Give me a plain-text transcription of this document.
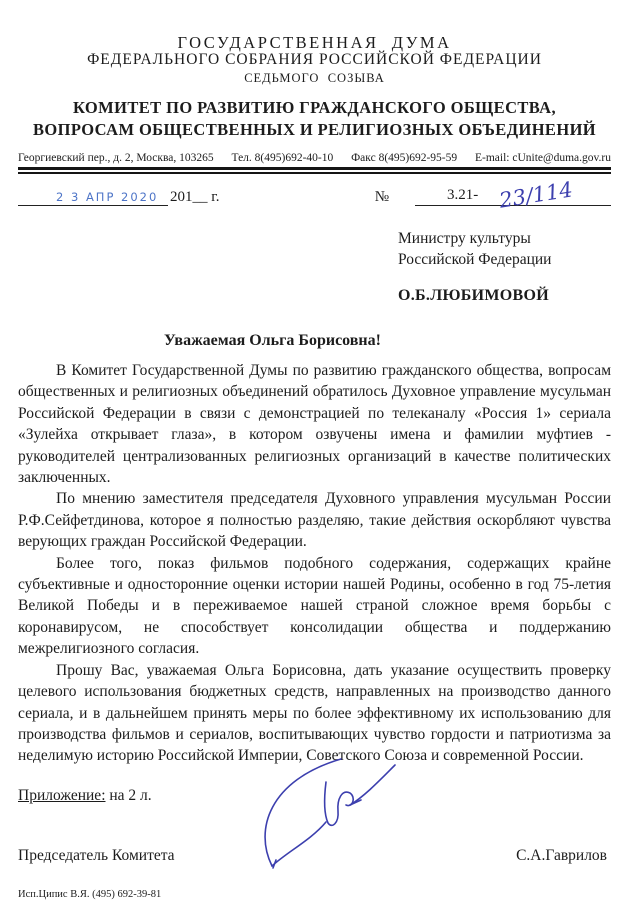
ГОСУДАРСТВЕННАЯ  ДУМА
ФЕДЕРАЛЬНОГО СОБРАНИЯ РОССИЙСКОЙ ФЕДЕРАЦИИ
СЕДЬМОГО  СОЗЫВА
КОМИТЕТ ПО РАЗВИТИЮ ГРАЖДАНСКОГО ОБЩЕСТВА,
ВОПРОСАМ ОБЩЕСТВЕННЫХ И РЕЛИГИОЗНЫХ ОБЪЕДИНЕНИЙ
Георгиевский пер., д. 2, Москва, 103265 Тел. 8(495)692-40-10 Факс 8(495)692-95-59 E-mail: cUnite@duma.gov.ru
2 3 АПР 2020 201__ г.	№	3.21- 23/114
Министру культуры
Российской Федерации
О.Б.ЛЮБИМОВОЙ
Уважаемая Ольга Борисовна!

В Комитет Государственной Думы по развитию гражданского общества, вопросам общественных и религиозных объединений обратилось Духовное управление мусульман Российской Федерации в связи с демонстрацией по телеканалу «Россия 1» сериала «Зулейха открывает глаза», в котором озвучены имена и фамилии муфтиев - руководителей централизованных религиозных организаций в качестве политических заключенных.

По мнению заместителя председателя Духовного управления мусульман России Р.Ф.Сейфетдинова, которое я полностью разделяю, такие действия оскорбляют чувства верующих граждан Российской Федерации.

Более того, показ фильмов подобного содержания, содержащих крайне субъективные и односторонние оценки истории нашей Родины, особенно в год 75-летия Великой Победы и в переживаемое нашей страной сложное время борьбы с коронавирусом, не способствует консолидации общества и поддержанию межрелигиозного согласия.

Прошу Вас, уважаемая Ольга Борисовна, дать указание осуществить проверку целевого использования бюджетных средств, направленных на производство данного сериала, и в дальнейшем принять меры по более эффективному их использованию для производства фильмов и сериалов, воспитывающих чувство гордости и патриотизма за неделимую историю Российской Империи, Советского Союза и современной России.

Приложение: на 2 л.
Председатель Комитета	С.А.Гаврилов
Исп.Ципис В.Я. (495) 692-39-81
